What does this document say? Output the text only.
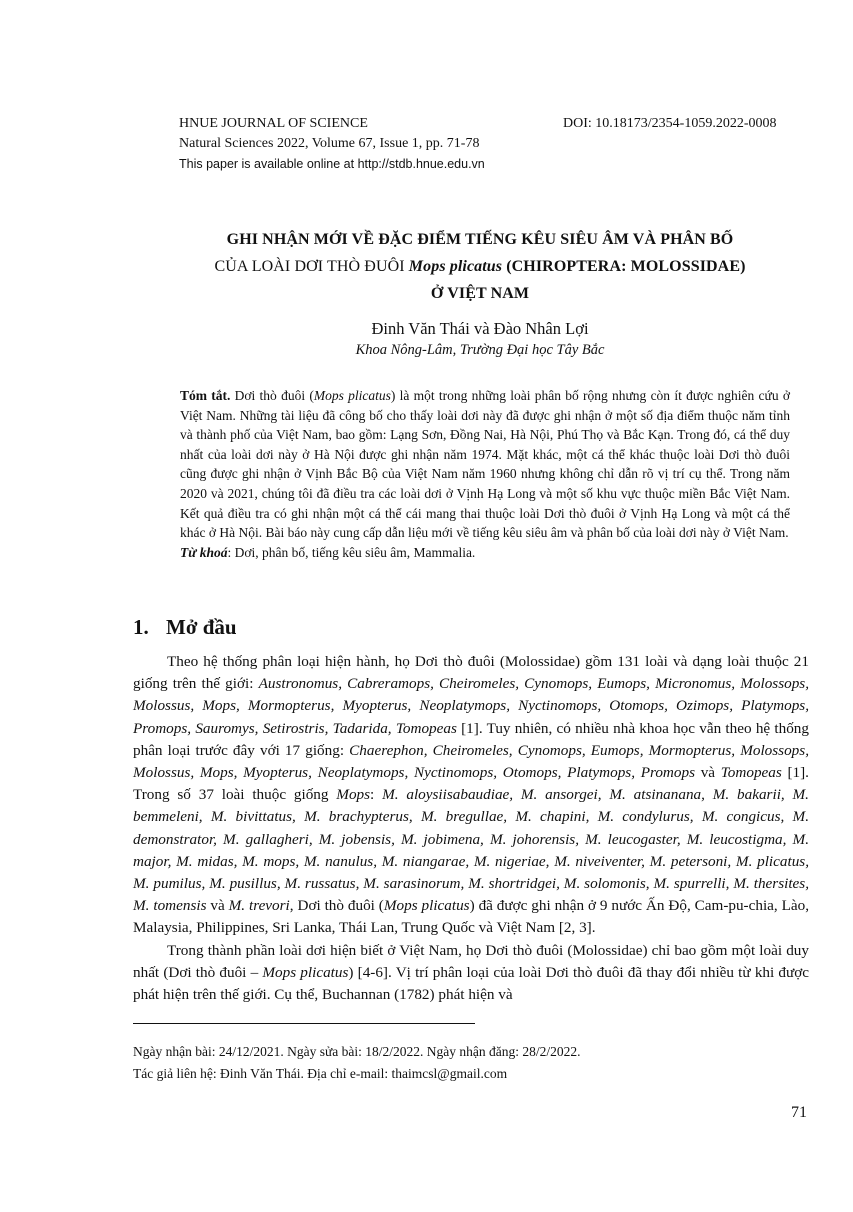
HNUE JOURNAL OF SCIENCE
Natural Sciences 2022, Volume 67, Issue 1, pp. 71-78
This paper is available online at http://stdb.hnue.edu.vn
DOI: 10.18173/2354-1059.2022-0008
GHI NHẬN MỚI VỀ ĐẶC ĐIỂM TIẾNG KÊU SIÊU ÂM VÀ PHÂN BỐ
CỦA LOÀI DƠI THÒ ĐUÔI Mops plicatus (CHIROPTERA: MOLOSSIDAE)
Ở VIỆT NAM
Đinh Văn Thái và Đào Nhân Lợi
Khoa Nông-Lâm, Trường Đại học Tây Bắc
Tóm tắt. Dơi thò đuôi (Mops plicatus) là một trong những loài phân bố rộng nhưng còn ít được nghiên cứu ở Việt Nam. Những tài liệu đã công bố cho thấy loài dơi này đã được ghi nhận ở một số địa điểm thuộc năm tỉnh và thành phố của Việt Nam, bao gồm: Lạng Sơn, Đồng Nai, Hà Nội, Phú Thọ và Bắc Kạn. Trong đó, cá thể duy nhất của loài dơi này ở Hà Nội được ghi nhận năm 1974. Mặt khác, một cá thể khác thuộc loài Dơi thò đuôi cũng được ghi nhận ở Vịnh Bắc Bộ của Việt Nam năm 1960 nhưng không chỉ dẫn rõ vị trí cụ thể. Trong năm 2020 và 2021, chúng tôi đã điều tra các loài dơi ở Vịnh Hạ Long và một số khu vực thuộc miền Bắc Việt Nam. Kết quả điều tra có ghi nhận một cá thể cái mang thai thuộc loài Dơi thò đuôi ở Vịnh Hạ Long và một cá thể khác ở Hà Nội. Bài báo này cung cấp dẫn liệu mới về tiếng kêu siêu âm và phân bố của loài dơi này ở Việt Nam.
Từ khoá: Dơi, phân bố, tiếng kêu siêu âm, Mammalia.
1. Mở đầu

Theo hệ thống phân loại hiện hành, họ Dơi thò đuôi (Molossidae) gồm 131 loài và dạng loài thuộc 21 giống trên thế giới: Austronomus, Cabreramops, Cheiromeles, Cynomops, Eumops, Micronomus, Molossops, Molossus, Mops, Mormopterus, Myopterus, Neoplatymops, Nyctinomops, Otomops, Ozimops, Platymops, Promops, Sauromys, Setirostris, Tadarida, Tomopeas [1]. Tuy nhiên, có nhiều nhà khoa học vẫn theo hệ thống phân loại trước đây với 17 giống: Chaerephon, Cheiromeles, Cynomops, Eumops, Mormopterus, Molossops, Molossus, Mops, Myopterus, Neoplatymops, Nyctinomops, Otomops, Platymops, Promops và Tomopeas [1]. Trong số 37 loài thuộc giống Mops: M. aloysiisabaudiae, M. ansorgei, M. atsinanana, M. bakarii, M. bemmeleni, M. bivittatus, M. brachypterus, M. bregullae, M. chapini, M. condylurus, M. congicus, M. demonstrator, M. gallagheri, M. jobensis, M. jobimena, M. johorensis, M. leucogaster, M. leucostigma, M. major, M. midas, M. mops, M. nanulus, M. niangarae, M. nigeriae, M. niveiventer, M. petersoni, M. plicatus, M. pumilus, M. pusillus, M. russatus, M. sarasinorum, M. shortridgei, M. solomonis, M. spurrelli, M. thersites, M. tomensis và M. trevori, Dơi thò đuôi (Mops plicatus) đã được ghi nhận ở 9 nước Ấn Độ, Cam-pu-chia, Lào, Malaysia, Philippines, Sri Lanka, Thái Lan, Trung Quốc và Việt Nam [2, 3].

Trong thành phần loài dơi hiện biết ở Việt Nam, họ Dơi thò đuôi (Molossidae) chỉ bao gồm một loài duy nhất (Dơi thò đuôi – Mops plicatus) [4-6]. Vị trí phân loại của loài Dơi thò đuôi đã thay đổi nhiều từ khi được phát hiện trên thế giới. Cụ thể, Buchannan (1782) phát hiện và

Ngày nhận bài: 24/12/2021. Ngày sửa bài: 18/2/2022. Ngày nhận đăng: 28/2/2022.
Tác giả liên hệ: Đinh Văn Thái. Địa chỉ e-mail: thaimcsl@gmail.com
71
